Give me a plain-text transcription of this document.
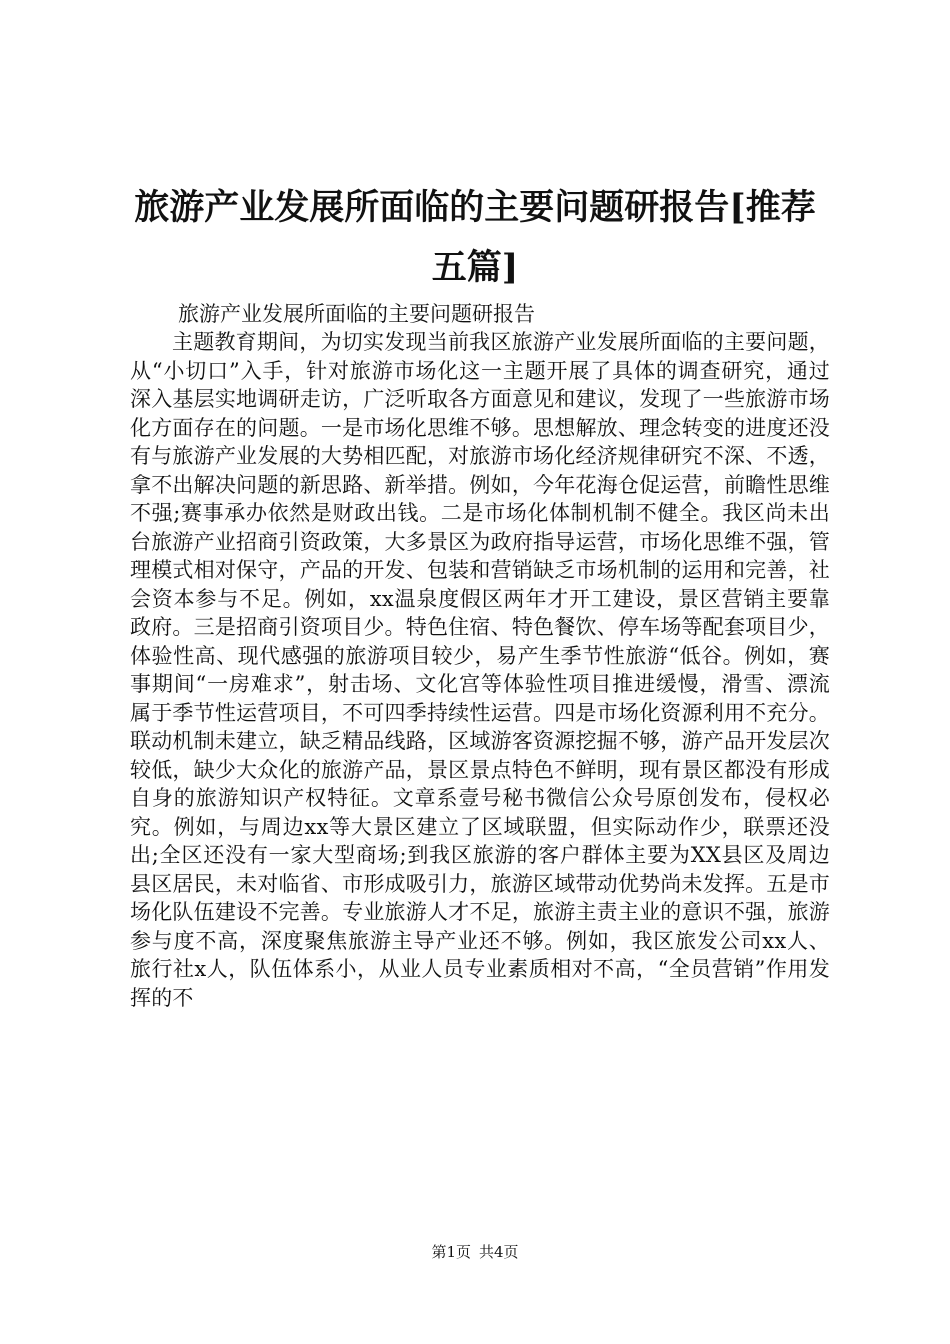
旅游产业发展所面临的主要问题研报告[推荐五篇]

旅游产业发展所面临的主要问题研报告

主题教育期间，为切实发现当前我区旅游产业发展所面临的主要问题，从“小切口”入手，针对旅游市场化这一主题开展了具体的调查研究，通过深入基层实地调研走访，广泛听取各方面意见和建议，发现了一些旅游市场化方面存在的问题。一是市场化思维不够。思想解放、理念转变的进度还没有与旅游产业发展的大势相匹配，对旅游市场化经济规律研究不深、不透，拿不出解决问题的新思路、新举措。例如，今年花海仓促运营，前瞻性思维不强;赛事承办依然是财政出钱。二是市场化体制机制不健全。我区尚未出台旅游产业招商引资政策，大多景区为政府指导运营，市场化思维不强，管理模式相对保守，产品的开发、包装和营销缺乏市场机制的运用和完善，社会资本参与不足。例如，xx温泉度假区两年才开工建设，景区营销主要靠政府。三是招商引资项目少。特色住宿、特色餐饮、停车场等配套项目少，体验性高、现代感强的旅游项目较少，易产生季节性旅游“低谷。例如，赛事期间“一房难求”，射击场、文化宫等体验性项目推进缓慢，滑雪、漂流属于季节性运营项目，不可四季持续性运营。四是市场化资源利用不充分。联动机制未建立，缺乏精品线路，区域游客资源挖掘不够，游产品开发层次较低，缺少大众化的旅游产品，景区景点特色不鲜明，现有景区都没有形成自身的旅游知识产权特征。文章系壹号秘书微信公众号原创发布，侵权必究。例如，与周边xx等大景区建立了区域联盟，但实际动作少，联票还没出;全区还没有一家大型商场;到我区旅游的客户群体主要为XX县区及周边县区居民，未对临省、市形成吸引力，旅游区域带动优势尚未发挥。五是市场化队伍建设不完善。专业旅游人才不足，旅游主责主业的意识不强，旅游参与度不高，深度聚焦旅游主导产业还不够。例如，我区旅发公司xx人、旅行社x人，队伍体系小，从业人员专业素质相对不高，“全员营销”作用发挥的不

第1页 共4页
